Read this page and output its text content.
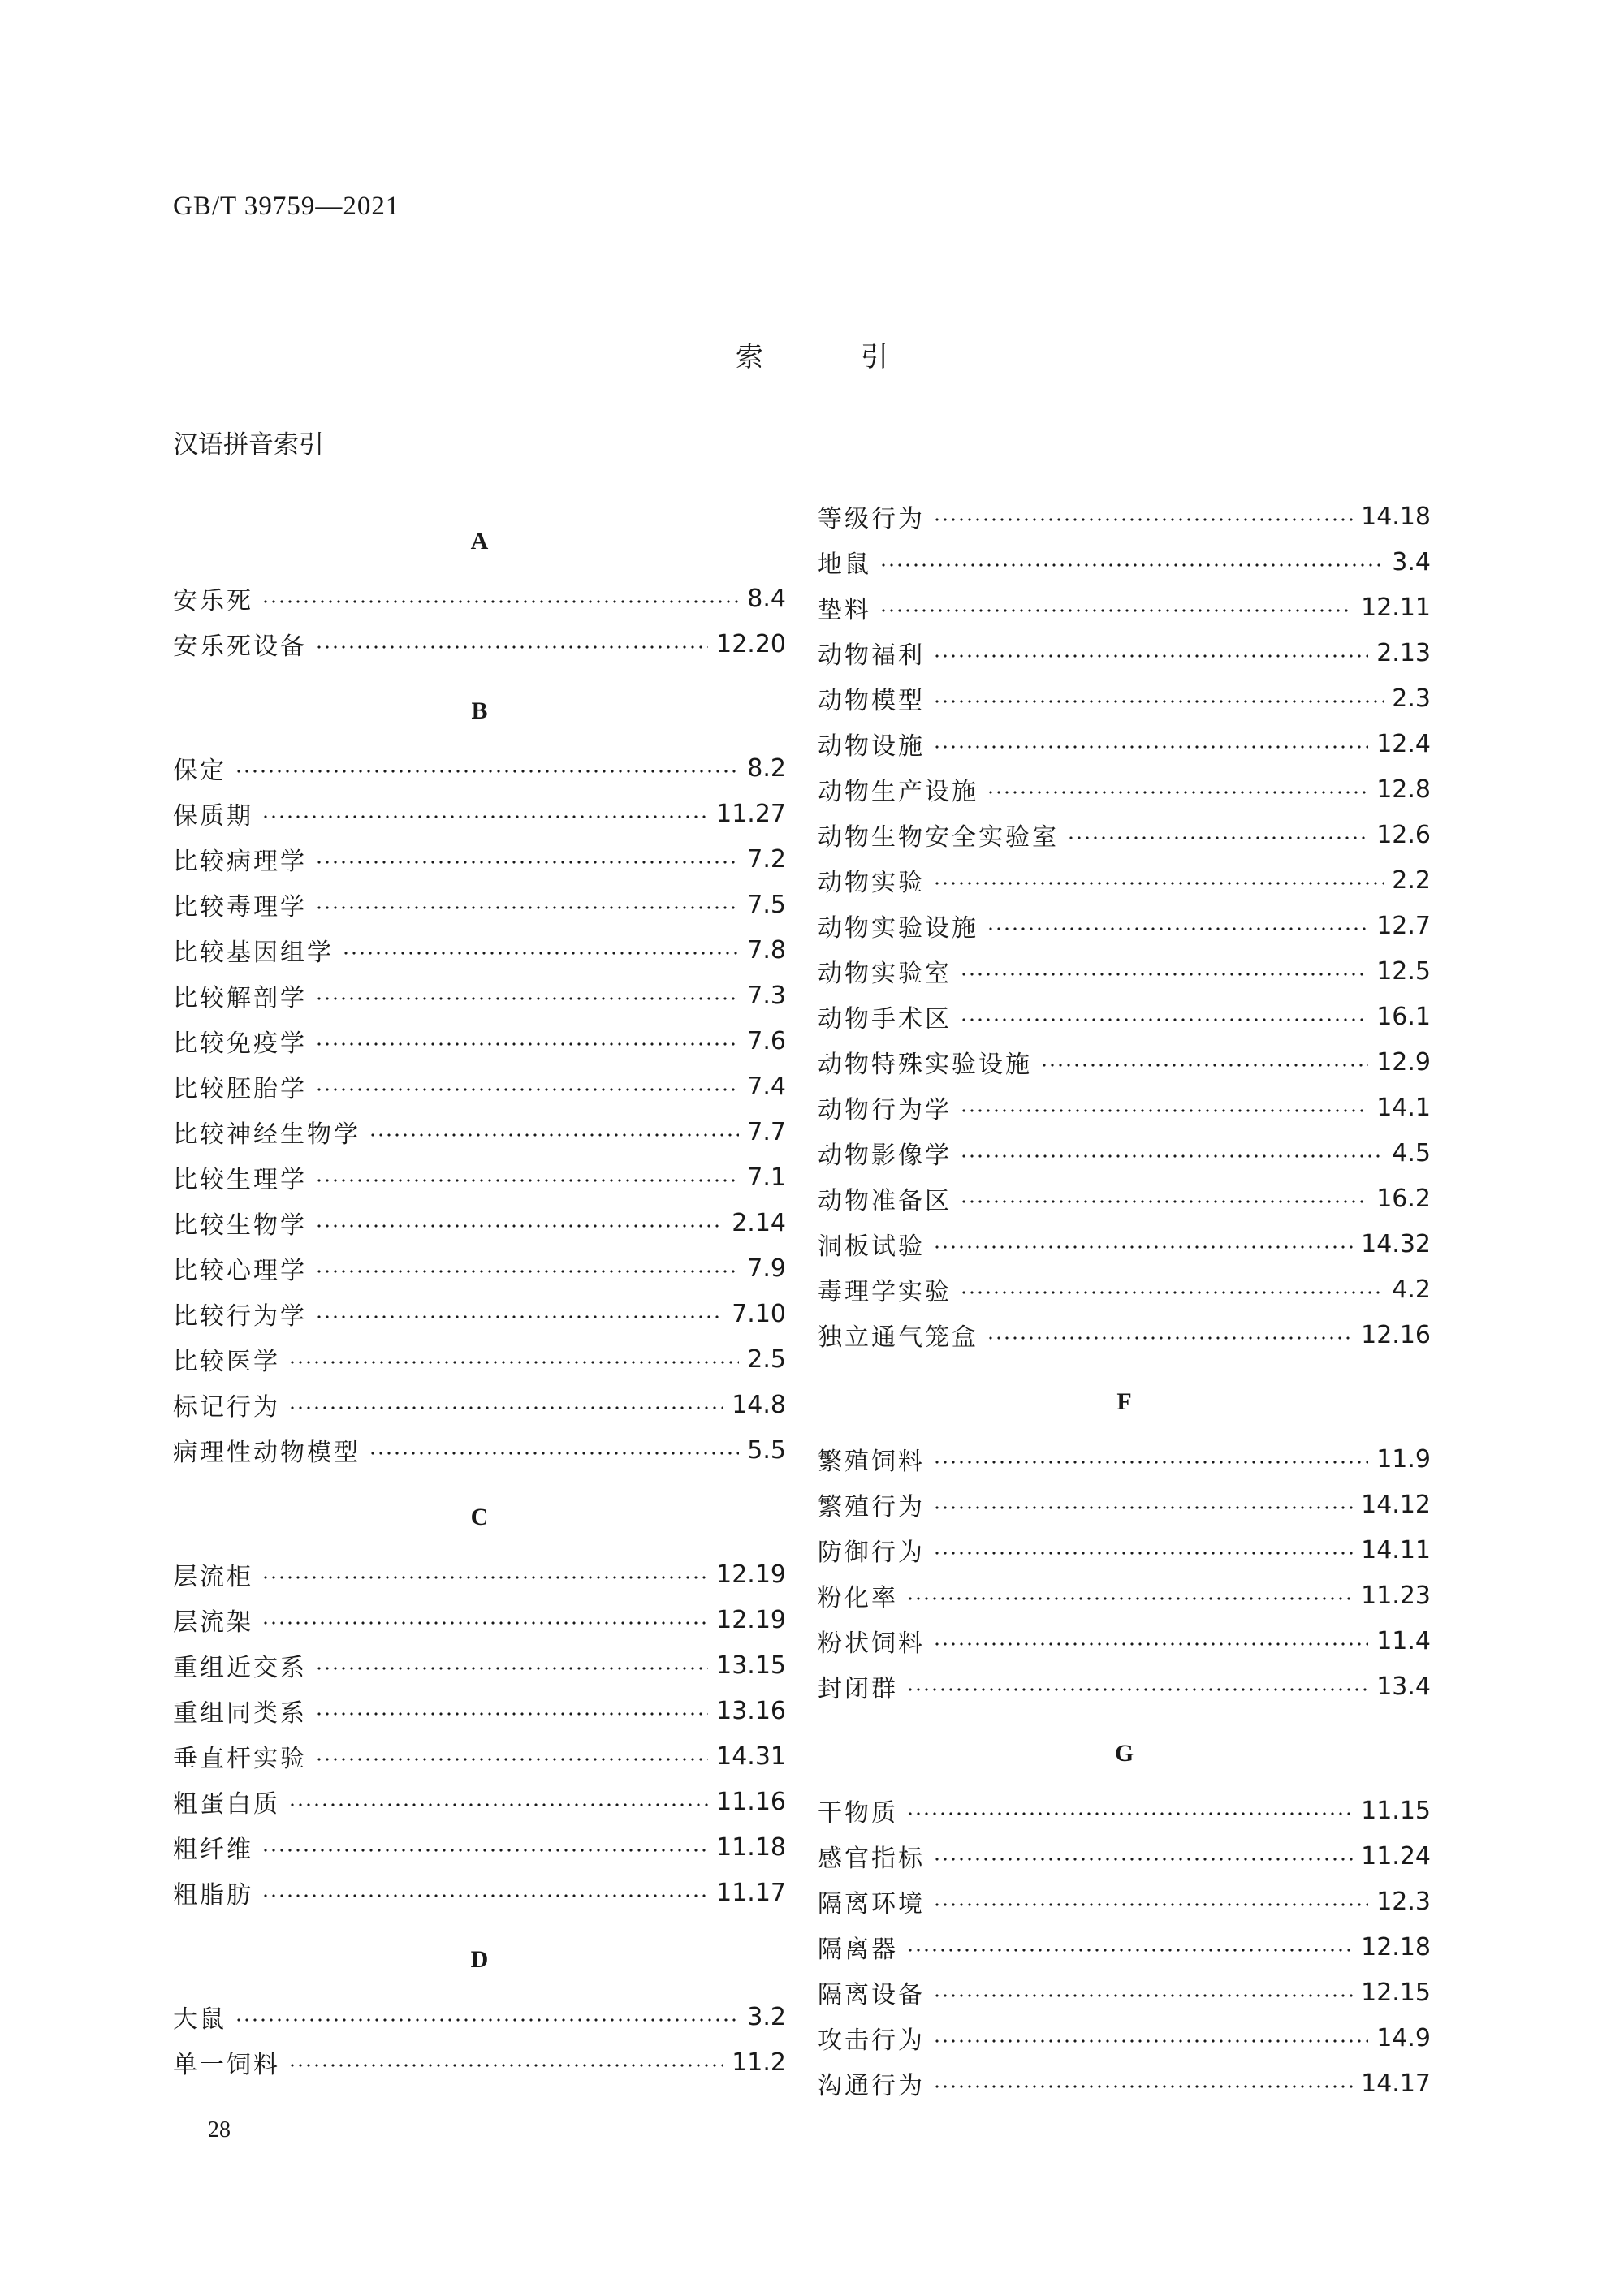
GB/T 39759—2021
索	引
汉语拼音索引
A
安乐死	8.4
安乐死设备	12.20
B
保定	8.2
保质期	11.27
比较病理学	7.2
比较毒理学	7.5
比较基因组学	7.8
比较解剖学	7.3
比较免疫学	7.6
比较胚胎学	7.4
比较神经生物学	7.7
比较生理学	7.1
比较生物学	2.14
比较心理学	7.9
比较行为学	7.10
比较医学	2.5
标记行为	14.8
病理性动物模型	5.5
C
层流柜	12.19
层流架	12.19
重组近交系	13.15
重组同类系	13.16
垂直杆实验	14.31
粗蛋白质	11.16
粗纤维	11.18
粗脂肪	11.17
D
大鼠	3.2
单一饲料	11.2
等级行为	14.18
地鼠	3.4
垫料	12.11
动物福利	2.13
动物模型	2.3
动物设施	12.4
动物生产设施	12.8
动物生物安全实验室	12.6
动物实验	2.2
动物实验设施	12.7
动物实验室	12.5
动物手术区	16.1
动物特殊实验设施	12.9
动物行为学	14.1
动物影像学	4.5
动物准备区	16.2
洞板试验	14.32
毒理学实验	4.2
独立通气笼盒	12.16
F
繁殖饲料	11.9
繁殖行为	14.12
防御行为	14.11
粉化率	11.23
粉状饲料	11.4
封闭群	13.4
G
干物质	11.15
感官指标	11.24
隔离环境	12.3
隔离器	12.18
隔离设备	12.15
攻击行为	14.9
沟通行为	14.17
28
